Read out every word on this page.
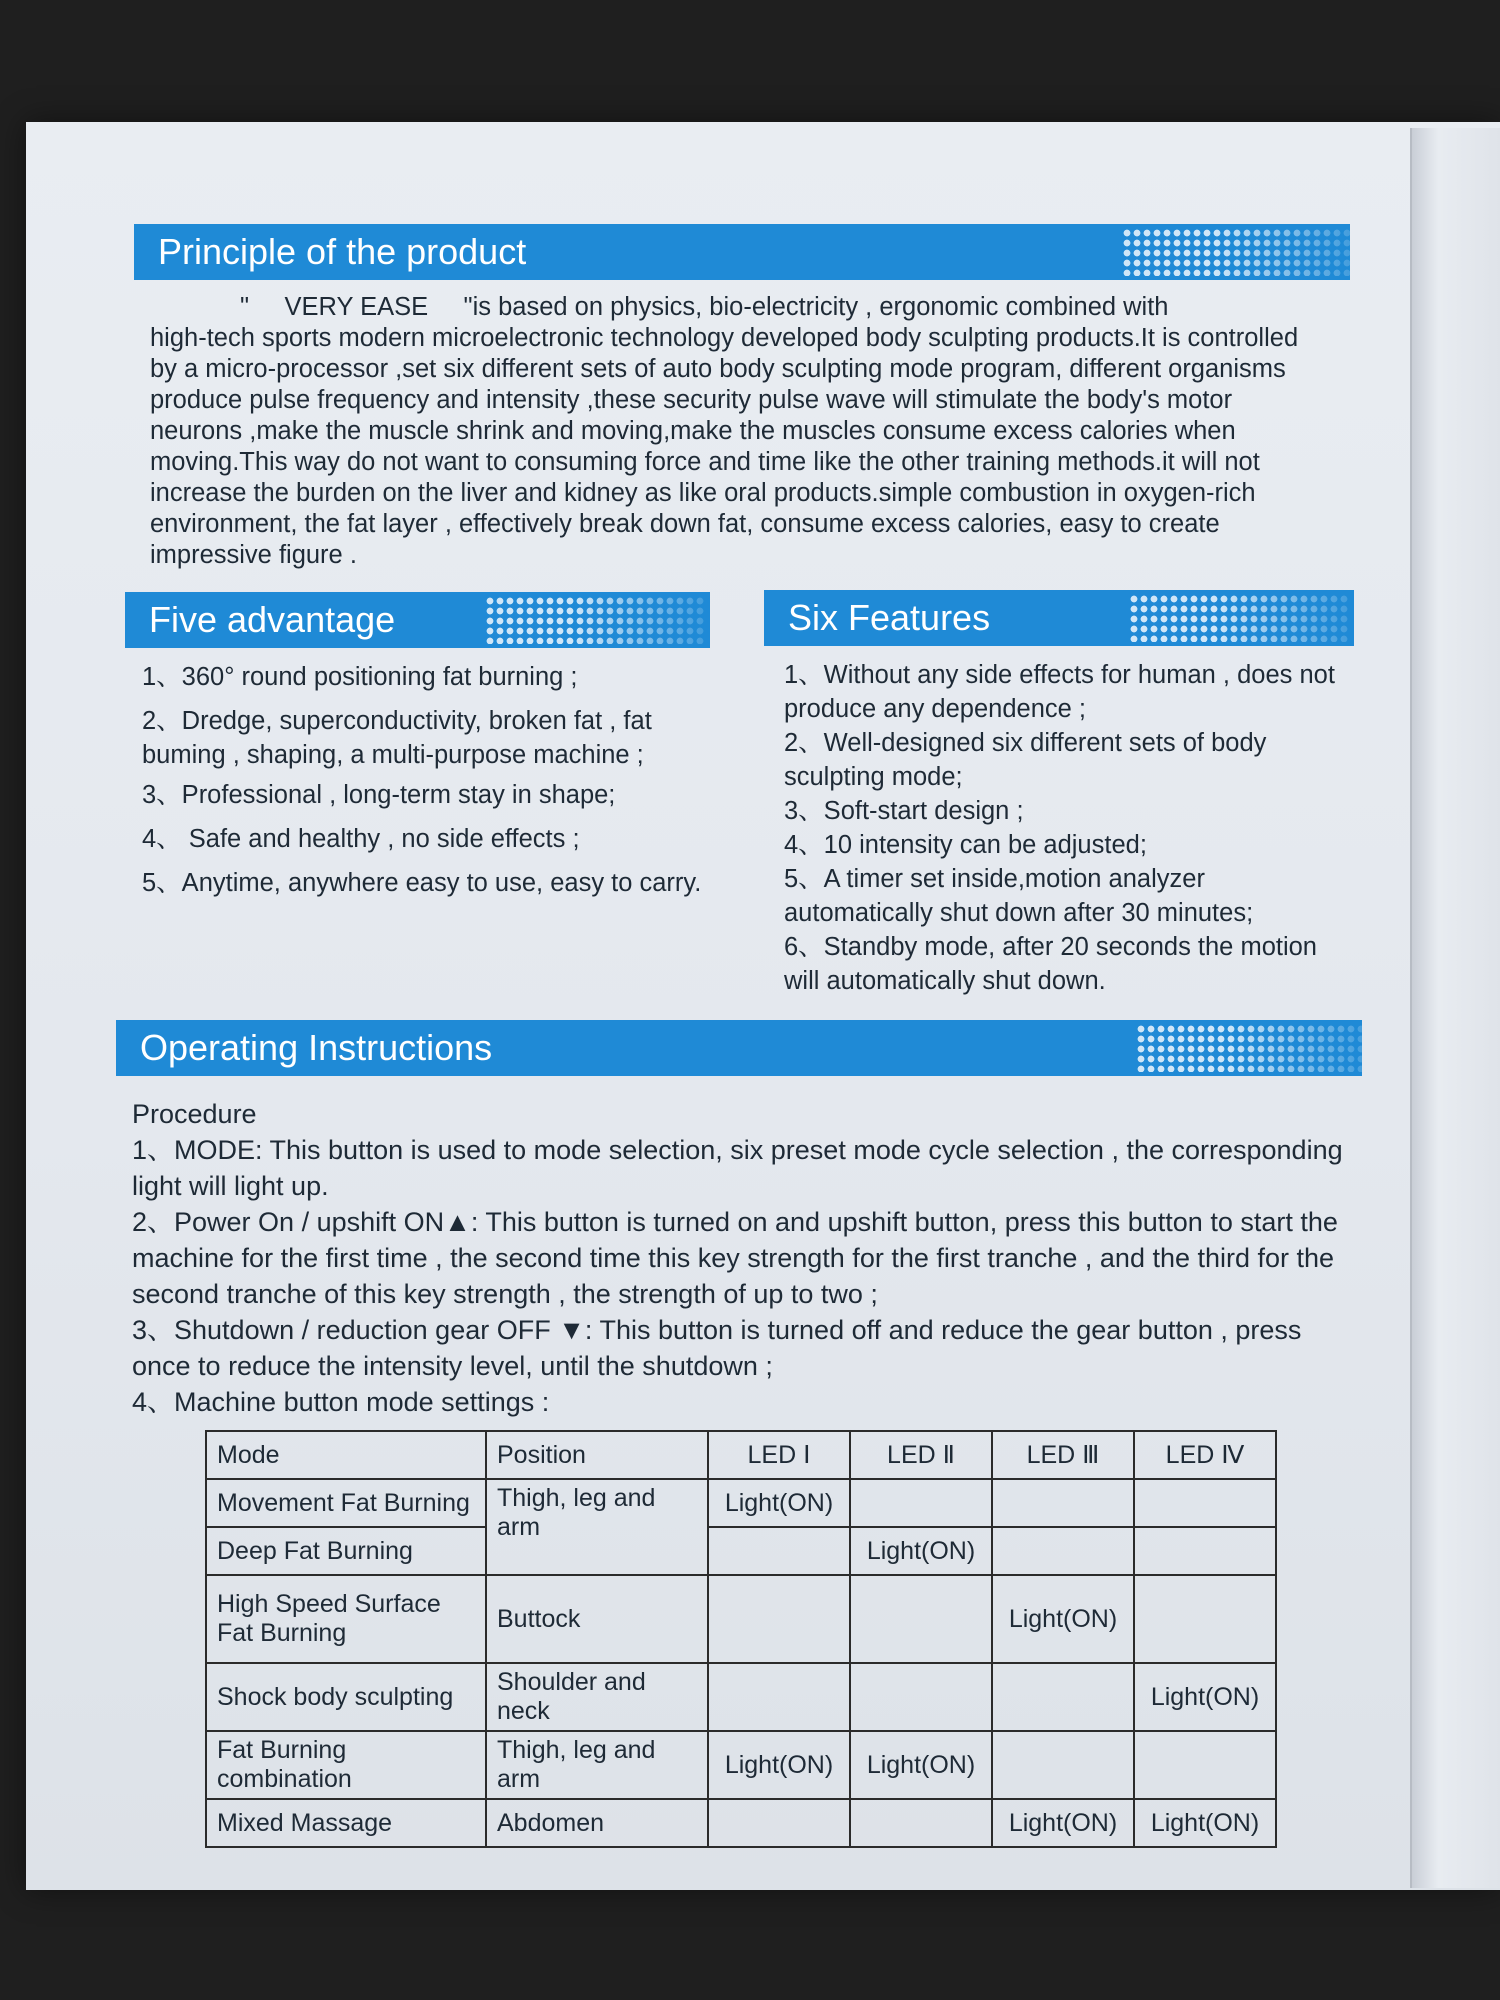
Principle of the product
"     VERY EASE     "is based on physics, bio-electricity , ergonomic combined with
high-tech sports modern microelectronic technology developed body sculpting products.It is controlled by a micro-processor ,set six different sets of auto body sculpting mode program, different organisms produce pulse frequency and intensity ,these security pulse wave will stimulate the body's motor neurons ,make the muscle shrink and moving,make the muscles consume excess calories when moving.This way do not want to consuming force and time like the other training methods.it will not increase the burden on the liver and kidney as like oral products.simple combustion in oxygen-rich environment, the fat layer , effectively break down fat, consume excess calories, easy to create impressive figure .
Five advantage

1、360° round positioning fat burning ;

2、Dredge, superconductivity, broken fat , fat buming , shaping, a multi-purpose machine ;

3、Professional , long-term stay in shape;

4、 Safe and healthy , no side effects ;

5、Anytime, anywhere easy to use, easy to carry.

Six Features

1、Without any side effects for human , does not produce any dependence ;

2、Well-designed six different sets of body sculpting mode;

3、Soft-start design ;

4、10 intensity can be adjusted;

5、A timer set inside,motion analyzer automatically shut down after 30 minutes;

6、Standby mode, after 20 seconds the motion will automatically shut down.

Operating Instructions

Procedure

1、MODE: This button is used to mode selection, six preset mode cycle selection , the corresponding light will light up.

2、Power On / upshift ON▲: This button is turned on and upshift button, press this button to start the machine for the first time , the second time this key strength for the first tranche , and the third for the second tranche of this key strength , the strength of up to two ;

3、Shutdown / reduction gear OFF ▼: This button is turned off and reduce the gear button , press once to reduce the intensity level, until the shutdown ;

4、Machine button mode settings :

Mode	Position	LED Ⅰ	LED Ⅱ	LED Ⅲ	LED Ⅳ
Movement Fat Burning	Thigh, leg and arm	Light(ON)			
Deep Fat Burning			Light(ON)		
High Speed Surface Fat Burning	Buttock			Light(ON)	
Shock body sculpting	Shoulder and neck				Light(ON)
Fat Burning combination	Thigh, leg and arm	Light(ON)	Light(ON)		
Mixed Massage	Abdomen			Light(ON)	Light(ON)
